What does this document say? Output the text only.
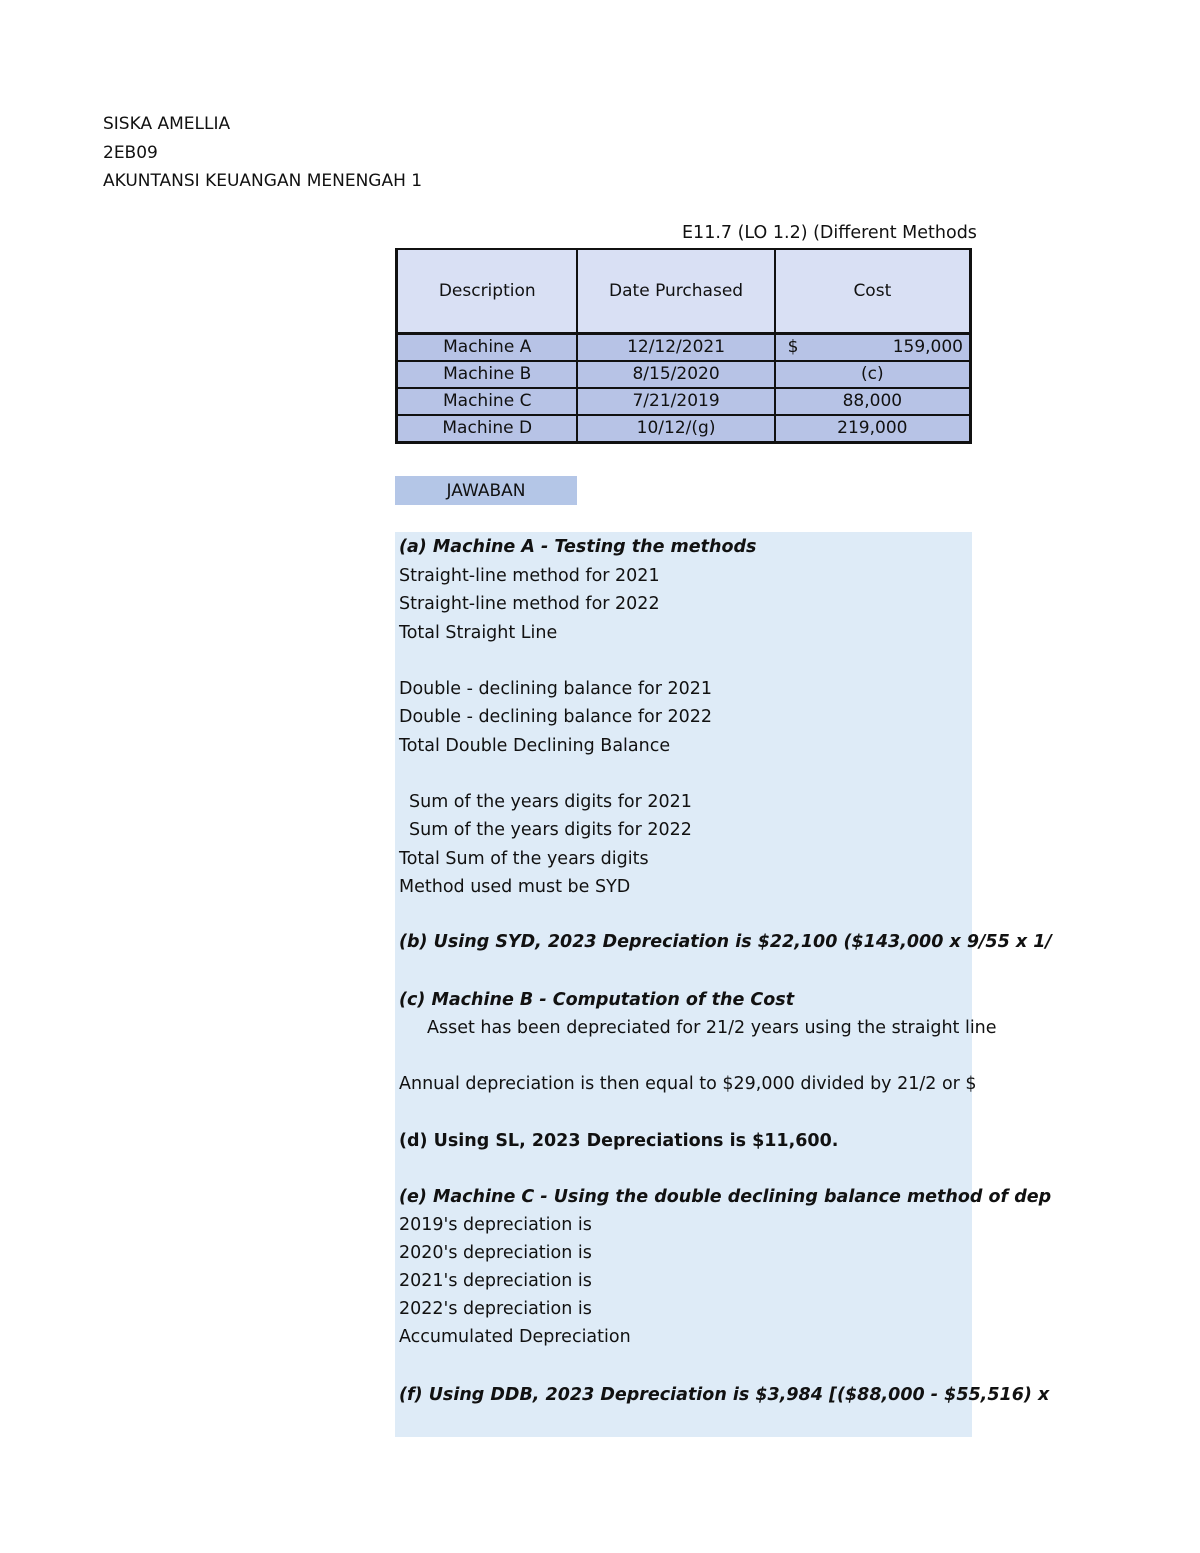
SISKA AMELLIA
2EB09
AKUNTANSI KEUANGAN MENENGAH 1
E11.7 (LO 1.2) (Different Methods
Description	Date Purchased	Cost
Machine A	12/12/2021	$ 159,000

Machine B	8/15/2020	(c)
Machine C	7/21/2019	88,000
Machine D	10/12/(g)	219,000
JAWABAN
(a) Machine A - Testing the methods
Straight-line method for 2021
Straight-line method for 2022
Total Straight Line
Double - declining balance for 2021
Double - declining balance for 2022
Total Double Declining Balance
Sum of the years digits for 2021
Sum of the years digits for 2022
Total Sum of the years digits
Method used must be SYD
(b) Using SYD, 2023 Depreciation is $22,100 ($143,000 x 9/55 x 1/
(c) Machine B - Computation of the Cost
Asset has been depreciated for 21/2 years using the straight line
Annual depreciation is then equal to $29,000 divided by 21/2 or $
(d) Using SL, 2023 Depreciations is $11,600.
(e) Machine C - Using the double declining balance method of dep
2019's depreciation is
2020's depreciation is
2021's depreciation is
2022's depreciation is
Accumulated Depreciation
(f) Using DDB, 2023 Depreciation is $3,984 [($88,000 - $55,516) x
